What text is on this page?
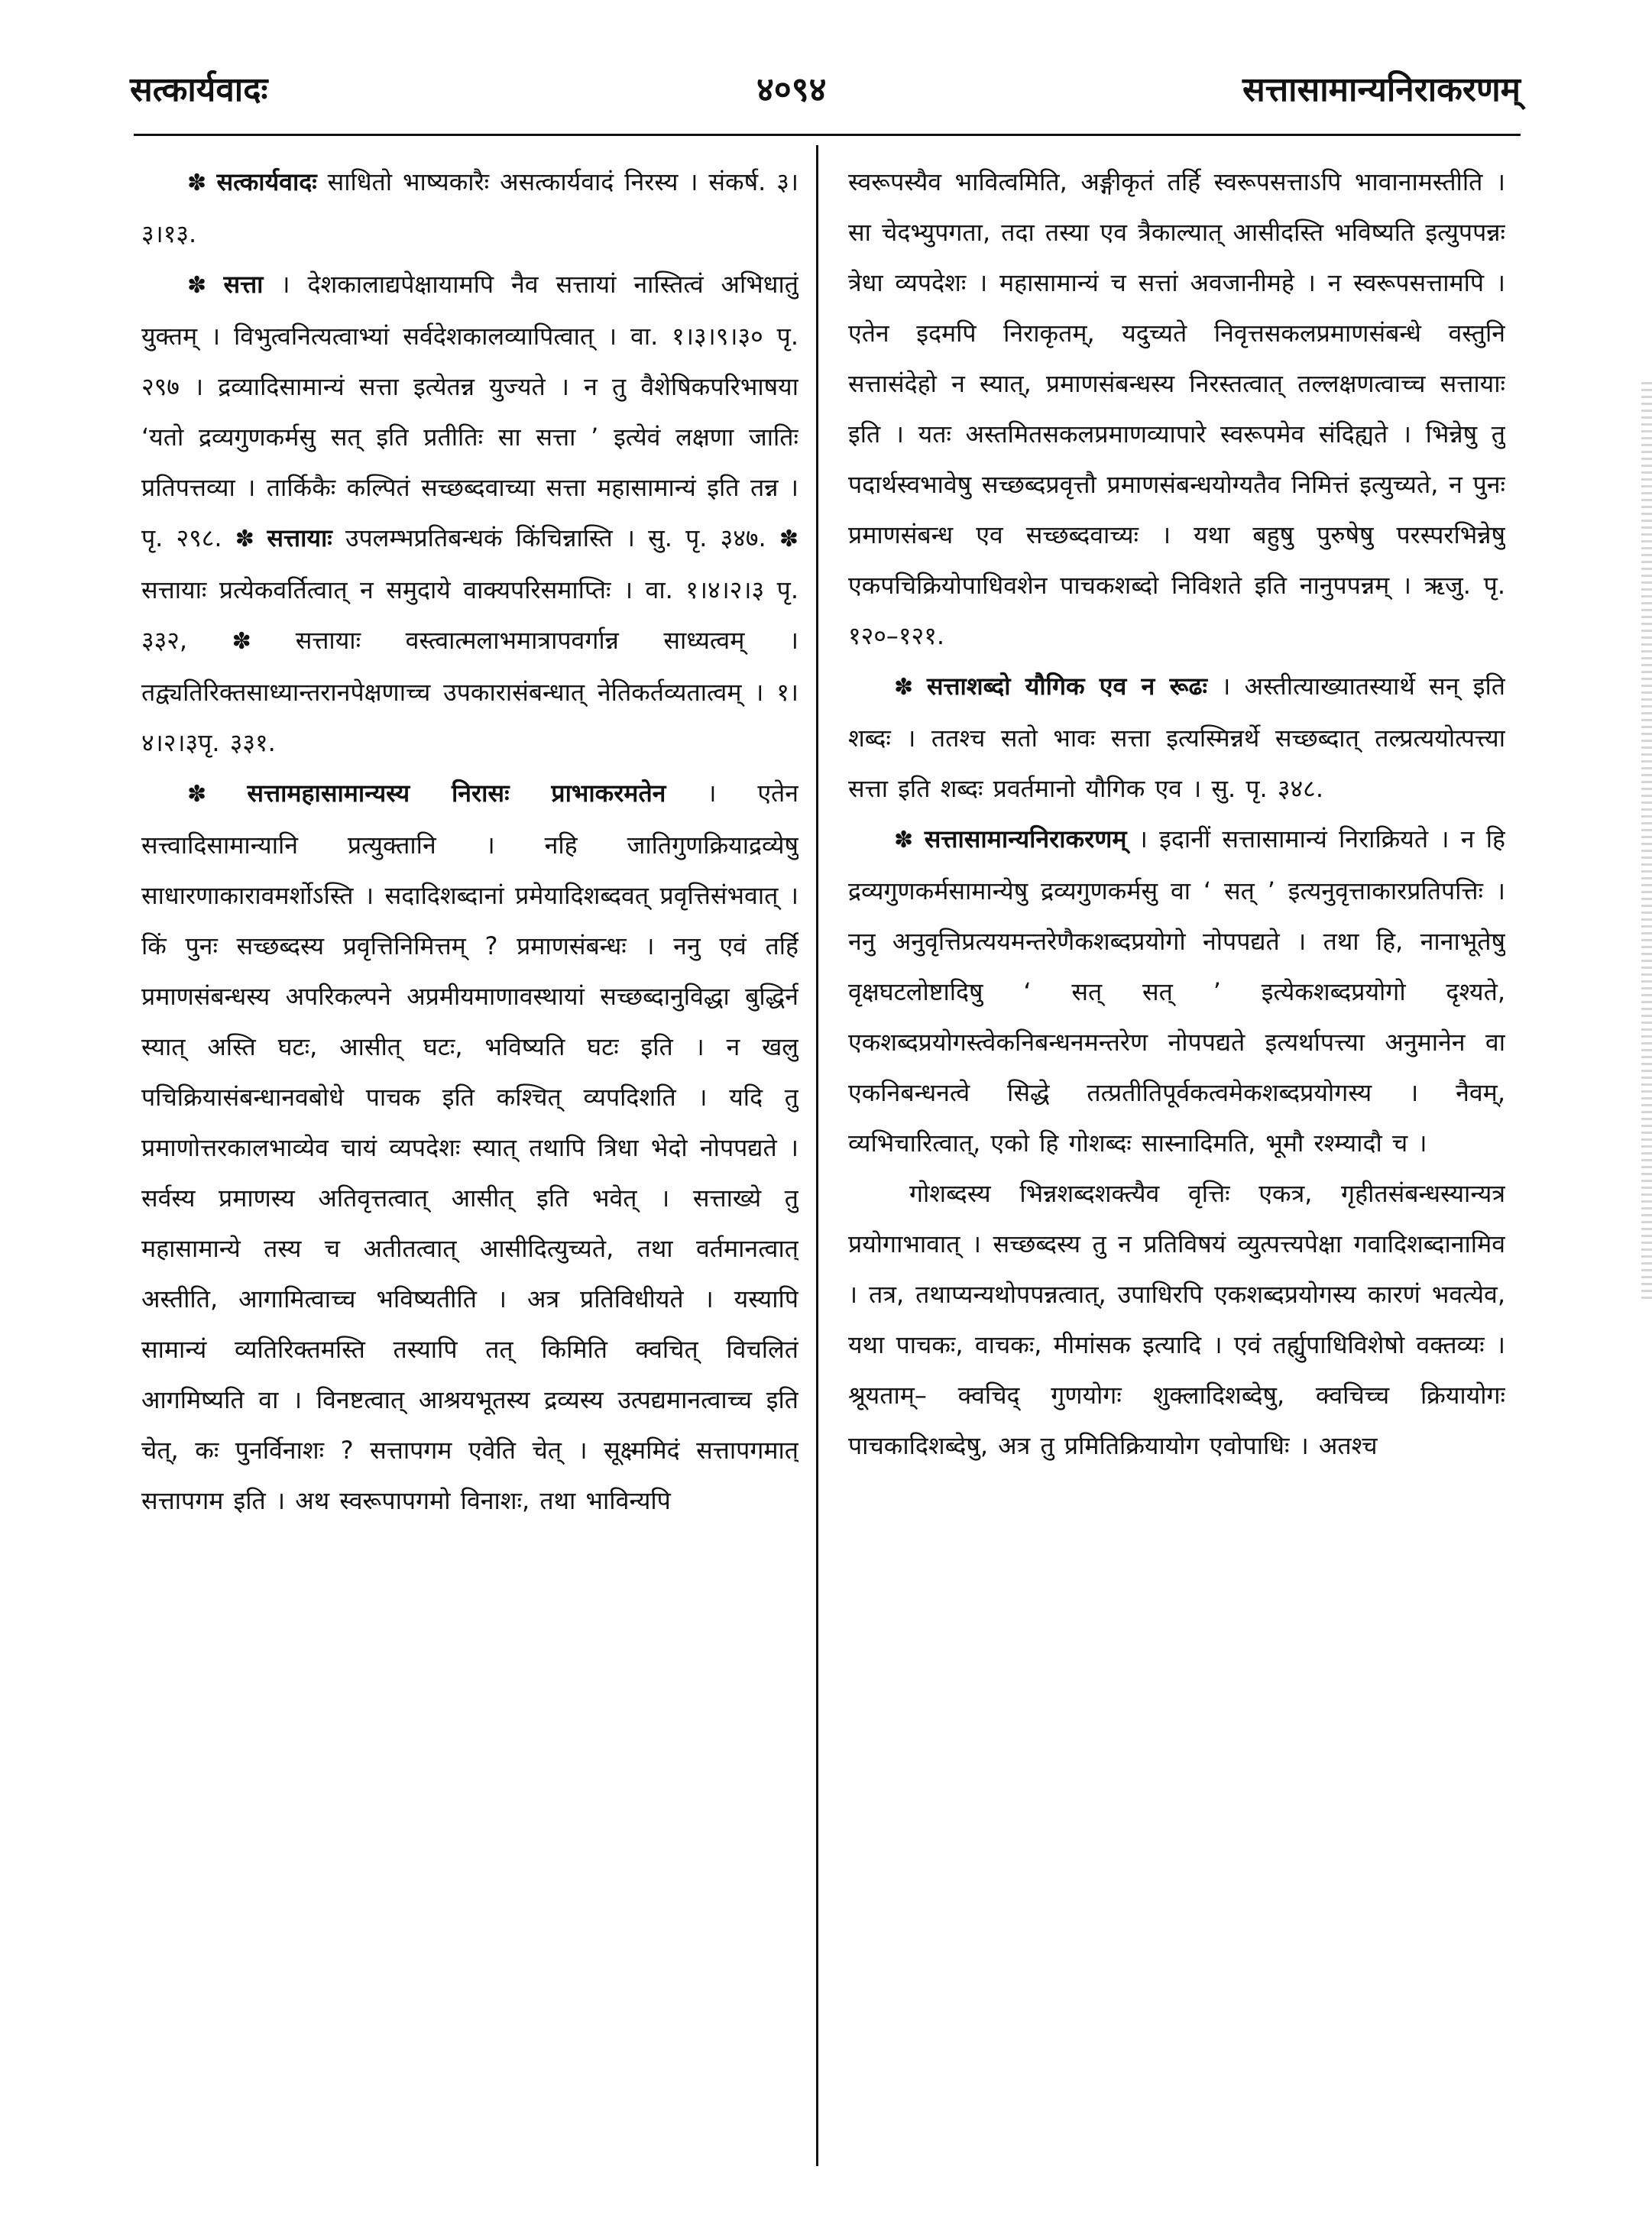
सत्कार्यवादः	४०९४	सत्तासामान्यनिराकरणम्

✽ सत्कार्यवादः साधितो भाष्यकारैः असत्कार्यवादं निरस्य । संकर्ष. ३।३।१३.

✽ सत्ता । देशकालाद्यपेक्षायामपि नैव सत्तायां नास्तित्वं अभिधातुं युक्तम् । विभुत्वनित्यत्वाभ्यां सर्वदेशकालव्यापित्वात् । वा. १।३।९।३० पृ. २९७ । द्रव्यादिसामान्यं सत्ता इत्येतन्न युज्यते । न तु वैशेषिकपरिभाषया ‘यतो द्रव्यगुणकर्मसु सत् इति प्रतीतिः सा सत्ता ’ इत्येवं लक्षणा जातिः प्रतिपत्तव्या । तार्किकैः कल्पितं सच्छब्दवाच्या सत्ता महासामान्यं इति तन्न । पृ. २९८. ✽ सत्तायाः उपलम्भप्रतिबन्धकं किंचिन्नास्ति । सु. पृ. ३४७. ✽ सत्तायाः प्रत्येकवर्तित्वात् न समुदाये वाक्यपरिसमाप्तिः । वा. १।४।२।३ पृ. ३३२, ✽ सत्तायाः वस्त्वात्मलाभमात्रापवर्गान्न साध्यत्वम् । तद्व्यतिरिक्तसाध्यान्तरानपेक्षणाच्च उपकारासंबन्धात् नेतिकर्तव्यतात्वम् । १।४।२।३पृ. ३३१.

✽ सत्तामहासामान्यस्य निरासः प्राभाकरमतेन । एतेन सत्त्वादिसामान्यानि प्रत्युक्तानि । नहि जातिगुणक्रियाद्रव्येषु साधारणाकारावमर्शोऽस्ति । सदादिशब्दानां प्रमेयादिशब्दवत् प्रवृत्तिसंभवात् । किं पुनः सच्छब्दस्य प्रवृत्तिनिमित्तम् ? प्रमाणसंबन्धः । ननु एवं तर्हि प्रमाणसंबन्धस्य अपरिकल्पने अप्रमीयमाणावस्थायां सच्छब्दानुविद्धा बुद्धिर्न स्यात् अस्ति घटः, आसीत् घटः, भविष्यति घटः इति । न खलु पचिक्रियासंबन्धानवबोधे पाचक इति कश्चित् व्यपदिशति । यदि तु प्रमाणोत्तरकालभाव्येव चायं व्यपदेशः स्यात् तथापि त्रिधा भेदो नोपपद्यते । सर्वस्य प्रमाणस्य अतिवृत्तत्वात् आसीत् इति भवेत् । सत्ताख्ये तु महासामान्ये तस्य च अतीतत्वात् आसीदित्युच्यते, तथा वर्तमानत्वात् अस्तीति, आगामित्वाच्च भविष्यतीति । अत्र प्रतिविधीयते । यस्यापि सामान्यं व्यतिरिक्तमस्ति तस्यापि तत् किमिति क्वचित् विचलितं आगमिष्यति वा । विनष्टत्वात् आश्रयभूतस्य द्रव्यस्य उत्पद्यमानत्वाच्च इति चेत्, कः पुनर्विनाशः ? सत्तापगम एवेति चेत् । सूक्ष्ममिदं सत्तापगमात् सत्तापगम इति । अथ स्वरूपापगमो विनाशः, तथा भाविन्यपि

स्वरूपस्यैव भावित्वमिति, अङ्गीकृतं तर्हि स्वरूपसत्ताऽपि भावानामस्तीति । सा चेदभ्युपगता, तदा तस्या एव त्रैकाल्यात् आसीदस्ति भविष्यति इत्युपपन्नः त्रेधा व्यपदेशः । महासामान्यं च सत्तां अवजानीमहे । न स्वरूपसत्तामपि । एतेन इदमपि निराकृतम्, यदुच्यते निवृत्तसकलप्रमाणसंबन्धे वस्तुनि सत्तासंदेहो न स्यात्, प्रमाणसंबन्धस्य निरस्तत्वात् तल्लक्षणत्वाच्च सत्तायाः इति । यतः अस्तमितसकलप्रमाणव्यापारे स्वरूपमेव संदिह्यते । भिन्नेषु तु पदार्थस्वभावेषु सच्छब्दप्रवृत्तौ प्रमाणसंबन्धयोग्यतैव निमित्तं इत्युच्यते, न पुनः प्रमाणसंबन्ध एव सच्छब्दवाच्यः । यथा बहुषु पुरुषेषु परस्परभिन्नेषु एकपचिक्रियोपाधिवशेन पाचकशब्दो निविशते इति नानुपपन्नम् । ऋजु. पृ. १२०–१२१.

✽ सत्ताशब्दो यौगिक एव न रूढः । अस्तीत्याख्यातस्यार्थे सन् इति शब्दः । ततश्च सतो भावः सत्ता इत्यस्मिन्नर्थे सच्छब्दात् तल्प्रत्ययोत्पत्त्या सत्ता इति शब्दः प्रवर्तमानो यौगिक एव । सु. पृ. ३४८.

✽ सत्तासामान्यनिराकरणम् । इदानीं सत्तासामान्यं निराक्रियते । न हि द्रव्यगुणकर्मसामान्येषु द्रव्यगुणकर्मसु वा ‘ सत् ’ इत्यनुवृत्ताकारप्रतिपत्तिः । ननु अनुवृत्तिप्रत्ययमन्तरेणैकशब्दप्रयोगो नोपपद्यते । तथा हि, नानाभूतेषु वृक्षघटलोष्टादिषु ‘ सत् सत् ’ इत्येकशब्दप्रयोगो दृश्यते, एकशब्दप्रयोगस्त्वेकनिबन्धनमन्तरेण नोपपद्यते इत्यर्थापत्त्या अनुमानेन वा एकनिबन्धनत्वे सिद्धे तत्प्रतीतिपूर्वकत्वमेकशब्दप्रयोगस्य । नैवम्, व्यभिचारित्वात्, एको हि गोशब्दः सास्नादिमति, भूमौ रश्म्यादौ च ।

गोशब्दस्य भिन्नशब्दशक्त्यैव वृत्तिः एकत्र, गृहीतसंबन्धस्यान्यत्र प्रयोगाभावात् । सच्छब्दस्य तु न प्रतिविषयं व्युत्पत्त्यपेक्षा गवादिशब्दानामिव । तत्र, तथाप्यन्यथोपपन्नत्वात्, उपाधिरपि एकशब्दप्रयोगस्य कारणं भवत्येव, यथा पाचकः, वाचकः, मीमांसक इत्यादि । एवं तर्ह्युपाधिविशेषो वक्तव्यः । श्रूयताम्– क्वचिद् गुणयोगः शुक्लादिशब्देषु, क्वचिच्च क्रियायोगः पाचकादिशब्देषु, अत्र तु प्रमितिक्रियायोग एवोपाधिः । अतश्च
